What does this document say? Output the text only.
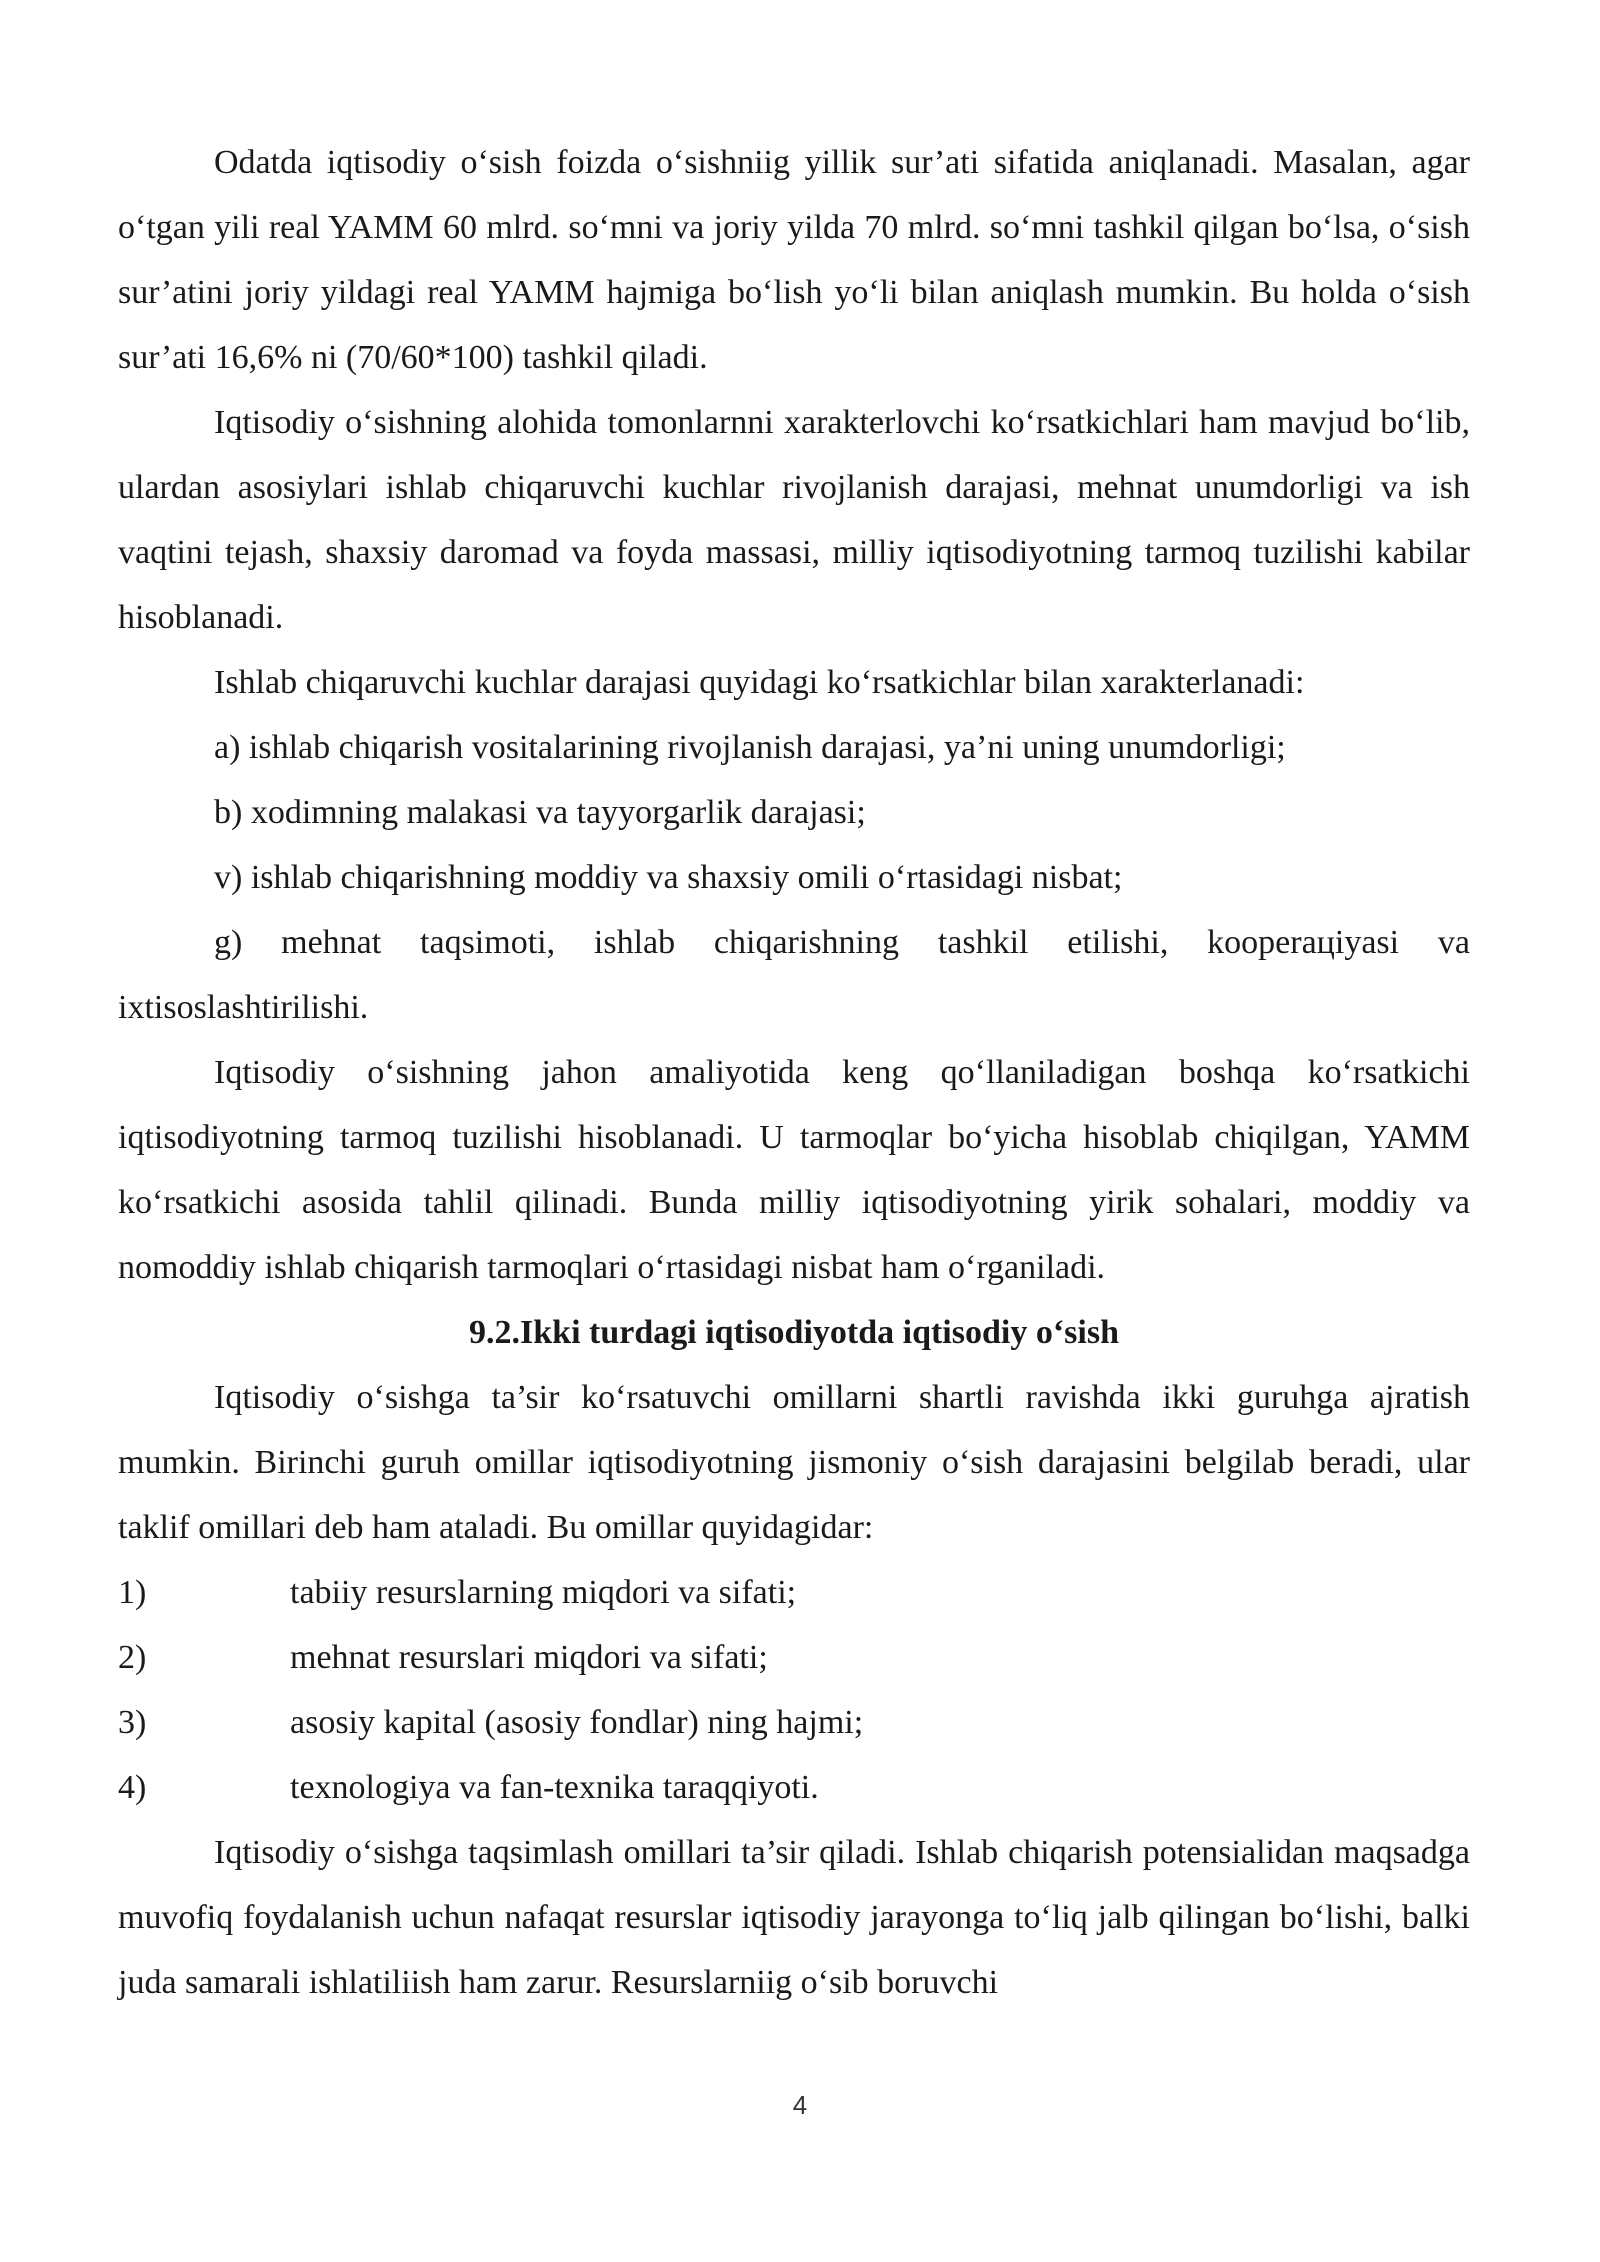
Odatda iqtisodiy o‘sish foizda o‘sishniig yillik sur’ati sifatida aniqlanadi. Masalan, agar o‘tgan yili real YAMM 60 mlrd. so‘mni va joriy yilda 70 mlrd. so‘mni tashkil qilgan bo‘lsa, o‘sish sur’atini joriy yildagi real YAMM hajmiga bo‘lish yo‘li bilan aniqlash mumkin. Bu holda o‘sish sur’ati 16,6% ni (70/60*100) tashkil qiladi.

Iqtisodiy o‘sishning alohida tomonlarnni xarakterlovchi ko‘rsatkichlari ham mavjud bo‘lib, ulardan asosiylari ishlab chiqaruvchi kuchlar rivojlanish darajasi, mehnat unumdorligi va ish vaqtini tejash, shaxsiy daromad va foyda massasi, milliy iqtisodiyotning tarmoq tuzilishi kabilar hisoblanadi.

Ishlab chiqaruvchi kuchlar darajasi quyidagi ko‘rsatkichlar bilan xarakterlanadi:

a) ishlab chiqarish vositalarining rivojlanish darajasi, ya’ni uning unumdorligi;

b) xodimning malakasi va tayyorgarlik darajasi;

v) ishlab chiqarishning moddiy va shaxsiy omili o‘rtasidagi nisbat;

g) mehnat taqsimoti, ishlab chiqarishning tashkil etilishi, kooperaцiyasi va ixtisoslashtirilishi.

Iqtisodiy o‘sishning jahon amaliyotida keng qo‘llaniladigan boshqa ko‘rsatkichi iqtisodiyotning tarmoq tuzilishi hisoblanadi. U tarmoqlar bo‘yicha hisoblab chiqilgan, YAMM ko‘rsatkichi asosida tahlil qilinadi. Bunda milliy iqtisodiyotning yirik sohalari, moddiy va nomoddiy ishlab chiqarish tarmoqlari o‘rtasidagi nisbat ham o‘rganiladi.

9.2.Ikki turdagi iqtisodiyotda iqtisodiy o‘sish

Iqtisodiy o‘sishga ta’sir ko‘rsatuvchi omillarni shartli ravishda ikki guruhga ajratish mumkin. Birinchi guruh omillar iqtisodiyotning jismoniy o‘sish darajasini belgilab beradi, ular taklif omillari deb ham ataladi. Bu omillar quyidagidar:

1)	tabiiy resurslarning miqdori va sifati;
2)	mehnat resurslari miqdori va sifati;
3)	asosiy kapital (asosiy fondlar) ning hajmi;
4)	texnologiya va fan-texnika taraqqiyoti.

Iqtisodiy o‘sishga taqsimlash omillari ta’sir qiladi. Ishlab chiqarish potensialidan maqsadga muvofiq foydalanish uchun nafaqat resurslar iqtisodiy jarayonga to‘liq jalb qilingan bo‘lishi, balki juda samarali ishlatiliish ham zarur. Resurslarniig o‘sib boruvchi

4
